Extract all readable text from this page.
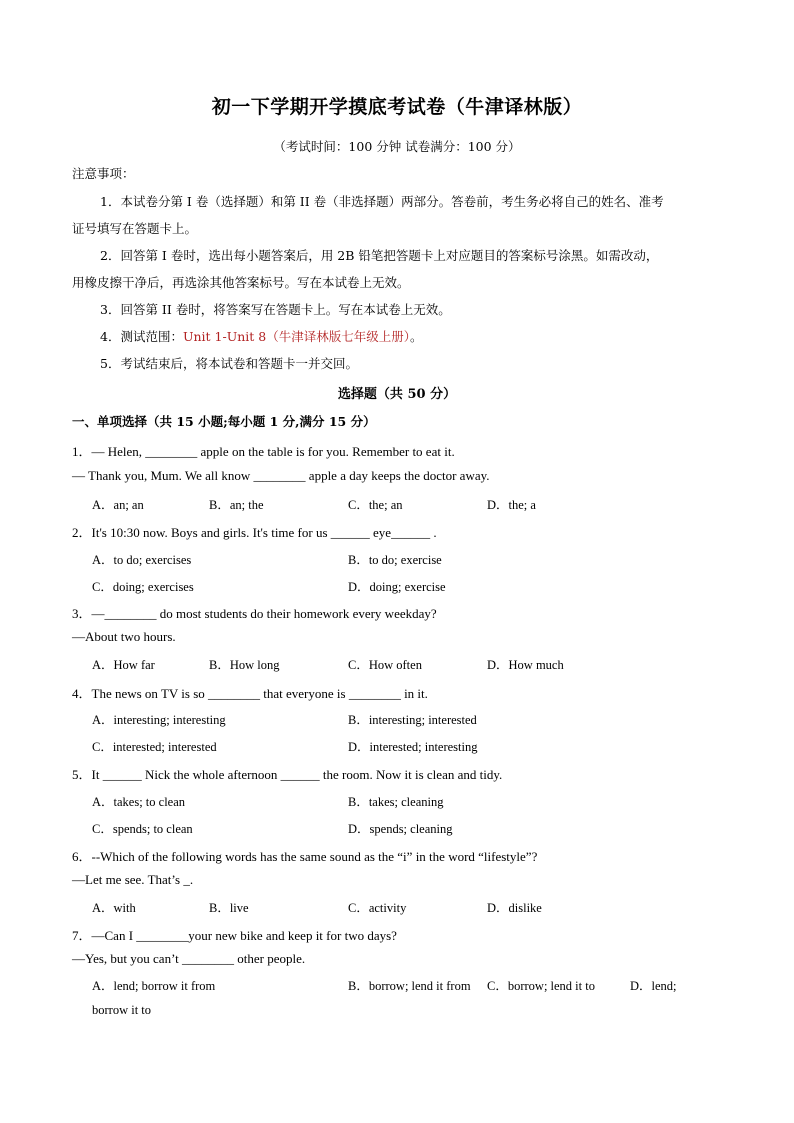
初一下学期开学摸底考试卷（牛津译林版）
（考试时间：100 分钟 试卷满分：100 分）
注意事项：
1．本试卷分第 I 卷（选择题）和第 II 卷（非选择题）两部分。答卷前，考生务必将自己的姓名、准考
证号填写在答题卡上。
2．回答第 I 卷时，选出每小题答案后，用 2B 铅笔把答题卡上对应题目的答案标号涂黑。如需改动，
用橡皮擦干净后，再选涂其他答案标号。写在本试卷上无效。
3．回答第 II 卷时，将答案写在答题卡上。写在本试卷上无效。
4．测试范围：Unit 1-Unit 8（牛津译林版七年级上册）。
5．考试结束后，将本试卷和答题卡一并交回。
选择题（共 50 分）
一、单项选择（共 15 小题;每小题 1 分,满分 15 分）
1．— Helen, ________ apple on the table is for you. Remember to eat it.
— Thank you, Mum. We all know ________ apple a day keeps the doctor away.
A．an; an	B．an; the	C．the; an	D．the; a
2．It's 10:30 now. Boys and girls. It's time for us ______ eye______ .
A．to do; exercises	B．to do; exercise
C．doing; exercises	D．doing; exercise
3．—________ do most students do their homework every weekday?
—About two hours.
A．How far	B．How long	C．How often	D．How much
4．The news on TV is so ________ that everyone is ________ in it.
A．interesting; interesting	B．interesting; interested
C．interested; interested	D．interested; interesting
5．It ______ Nick the whole afternoon ______ the room. Now it is clean and tidy.
A．takes; to clean	B．takes; cleaning
C．spends; to clean	D．spends; cleaning
6．--Which of the following words has the same sound as the “i” in the word “lifestyle”?
—Let me see. That’s _.
A．with	B．live	C．activity	D．dislike
7．—Can I ________your new bike and keep it for two days?
—Yes, but you can’t ________ other people.
A．lend; borrow it from	B．borrow; lend it from C．borrow; lend it to	D．lend;
borrow it to
